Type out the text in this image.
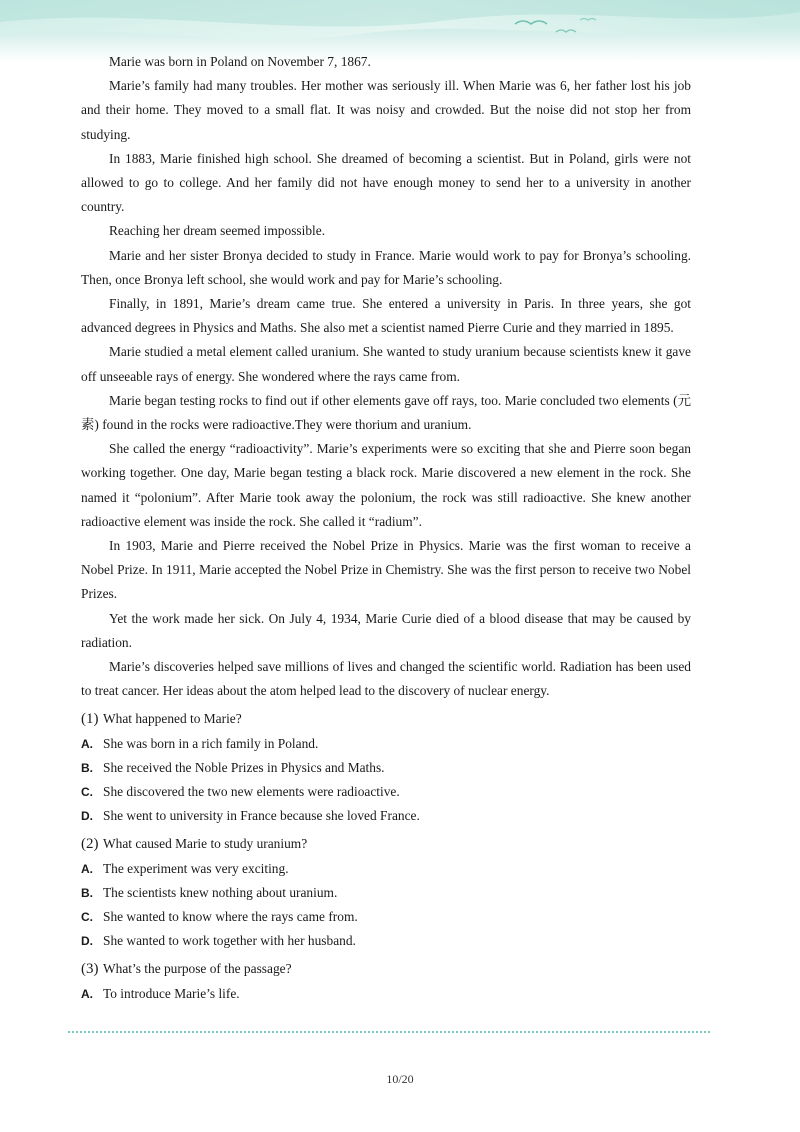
Marie was born in Poland on November 7, 1867.

Marie’s family had many troubles. Her mother was seriously ill. When Marie was 6, her father lost his job and their home. They moved to a small flat. It was noisy and crowded. But the noise did not stop her from studying.

In 1883, Marie finished high school. She dreamed of becoming a scientist. But in Poland, girls were not allowed to go to college. And her family did not have enough money to send her to a university in another country.

Reaching her dream seemed impossible.

Marie and her sister Bronya decided to study in France. Marie would work to pay for Bronya’s schooling. Then, once Bronya left school, she would work and pay for Marie’s schooling.

Finally, in 1891, Marie’s dream came true. She entered a university in Paris. In three years, she got advanced degrees in Physics and Maths. She also met a scientist named Pierre Curie and they married in 1895.

Marie studied a metal element called uranium. She wanted to study uranium because scientists knew it gave off unseeable rays of energy. She wondered where the rays came from.

Marie began testing rocks to find out if other elements gave off rays, too. Marie concluded two elements (元素) found in the rocks were radioactive.They were thorium and uranium.

She called the energy “radioactivity”. Marie’s experiments were so exciting that she and Pierre soon began working together. One day, Marie began testing a black rock. Marie discovered a new element in the rock. She named it “polonium”. After Marie took away the polonium, the rock was still radioactive. She knew another radioactive element was inside the rock. She called it “radium”.

In 1903, Marie and Pierre received the Nobel Prize in Physics. Marie was the first woman to receive a Nobel Prize. In 1911, Marie accepted the Nobel Prize in Chemistry. She was the first person to receive two Nobel Prizes.

Yet the work made her sick. On July 4, 1934, Marie Curie died of a blood disease that may be caused by radiation.

Marie’s discoveries helped save millions of lives and changed the scientific world. Radiation has been used to treat cancer. Her ideas about the atom helped lead to the discovery of nuclear energy.

(1) What happened to Marie?
A. She was born in a rich family in Poland.
B. She received the Noble Prizes in Physics and Maths.
C. She discovered the two new elements were radioactive.
D. She went to university in France because she loved France.
(2) What caused Marie to study uranium?
A. The experiment was very exciting.
B. The scientists knew nothing about uranium.
C. She wanted to know where the rays came from.
D. She wanted to work together with her husband.
(3) What’s the purpose of the passage?
A. To introduce Marie’s life.
10/20
